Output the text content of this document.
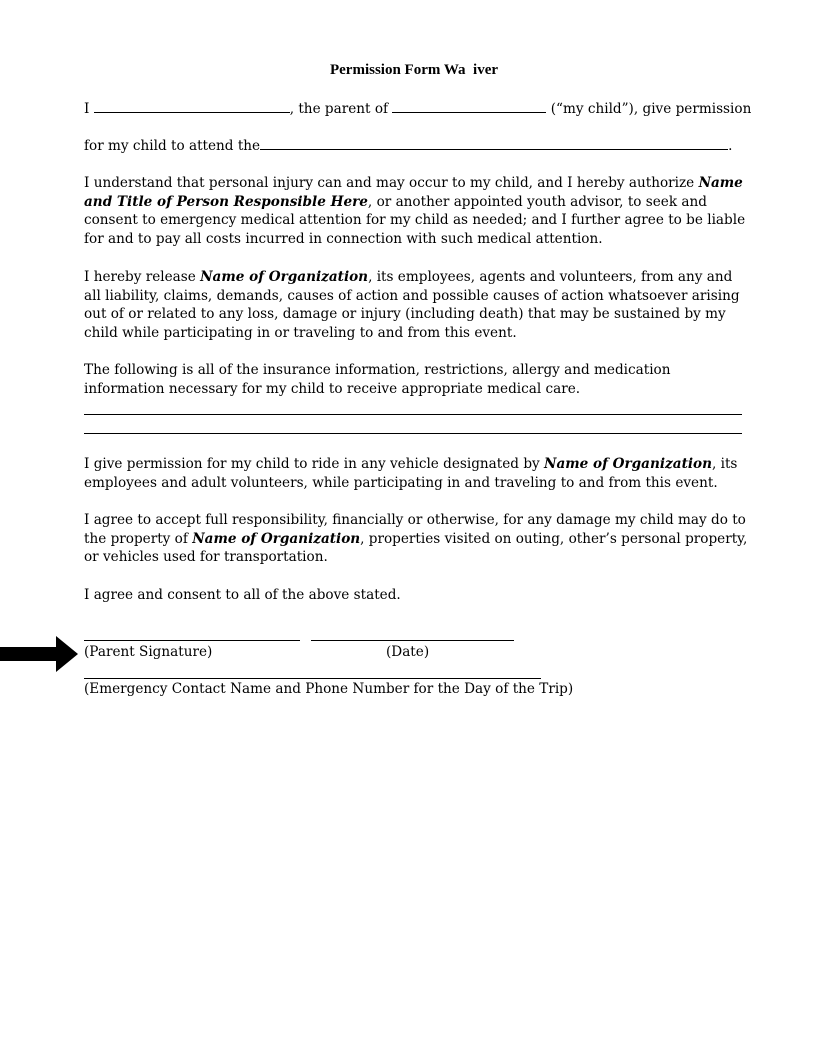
Permission Form Wa  iver
I	, the parent of	(“my child”), give permission
for my child to attend the	.
I understand that personal injury can and may occur to my child, and I hereby authorize Name and Title of Person Responsible Here, or another appointed youth advisor, to seek and consent to emergency medical attention for my child as needed; and I further agree to be liable for and to pay all costs incurred in connection with such medical attention.
I hereby release Name of Organization, its employees, agents and volunteers, from any and all liability, claims, demands, causes of action and possible causes of action whatsoever arising out of or related to any loss, damage or injury (including death) that may be sustained by my child while participating in or traveling to and from this event.
The following is all of the insurance information, restrictions, allergy and medication information necessary for my child to receive appropriate medical care.
I give permission for my child to ride in any vehicle designated by Name of Organization, its employees and adult volunteers, while participating in and traveling to and from this event.
I agree to accept full responsibility, financially or otherwise, for any damage my child may do to the property of Name of Organization, properties visited on outing, other’s personal property, or vehicles used for transportation.
I agree and consent to all of the above stated.
(Parent Signature)	(Date)
(Emergency Contact Name and Phone Number for the Day of the Trip)
